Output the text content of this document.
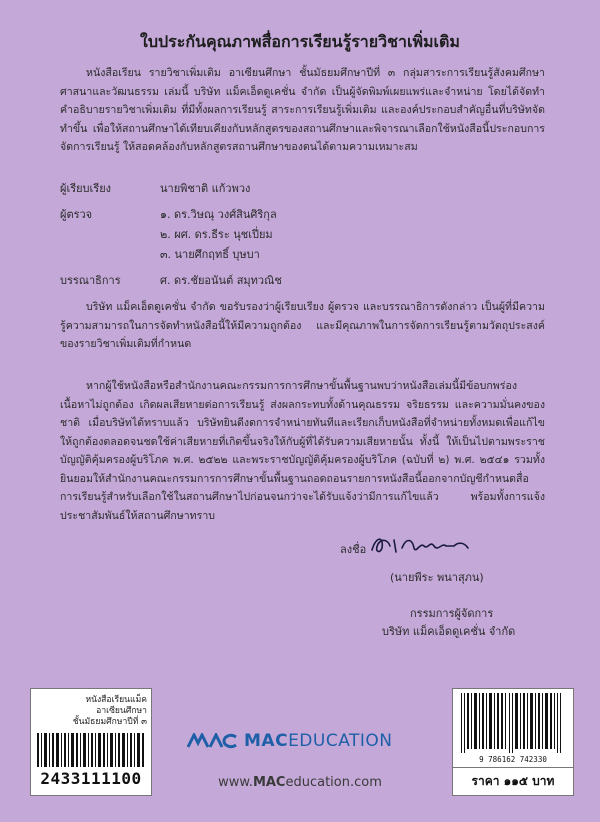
ใบประกันคุณภาพสื่อการเรียนรู้รายวิชาเพิ่มเติม

หนังสือเรียน รายวิชาเพิ่มเติม อาเซียนศึกษา ชั้นมัธยมศึกษาปีที่ ๓ กลุ่มสาระการเรียนรู้สังคมศึกษา ศาสนาและวัฒนธรรม เล่มนี้ บริษัท แม็คเอ็ดดูเคชั่น จำกัด เป็นผู้จัดพิมพ์เผยแพร่และจำหน่าย โดยได้จัดทำคำอธิบายรายวิชาเพิ่มเติม ที่มีทั้งผลการเรียนรู้ สาระการเรียนรู้เพิ่มเติม และองค์ประกอบสำคัญอื่นที่บริษัทจัดทำขึ้น เพื่อให้สถานศึกษาได้เทียบเคียงกับหลักสูตรของสถานศึกษาและพิจารณาเลือกใช้หนังสือนี้ประกอบการจัดการเรียนรู้ ให้สอดคล้องกับหลักสูตรสถานศึกษาของตนได้ตามความเหมาะสม

ผู้เรียบเรียง	นายพิชาติ แก้วพวง
ผู้ตรวจ	๑. ดร.วิษณุ วงศ์สินศิริกุล
๒. ผศ. ดร.ธีระ นุชเปี่ยม
๓. นายศึกฤทธิ์ บุษบา
บรรณาธิการ	ศ. ดร.ชัยอนันต์ สมุทวณิช

บริษัท แม็คเอ็ดดูเคชั่น จำกัด ขอรับรองว่าผู้เรียบเรียง ผู้ตรวจ และบรรณาธิการดังกล่าว เป็นผู้ที่มีความรู้ความสามารถในการจัดทำหนังสือนี้ให้มีความถูกต้อง และมีคุณภาพในการจัดการเรียนรู้ตามวัตถุประสงค์ของรายวิชาเพิ่มเติมที่กำหนด

หากผู้ใช้หนังสือหรือสำนักงานคณะกรรมการการศึกษาขั้นพื้นฐานพบว่าหนังสือเล่มนี้มีข้อบกพร่อง เนื้อหาไม่ถูกต้อง เกิดผลเสียหายต่อการเรียนรู้ ส่งผลกระทบทั้งด้านคุณธรรม จริยธรรม และความมั่นคงของชาติ เมื่อบริษัทได้ทราบแล้ว บริษัทยินดีงดการจำหน่ายทันทีและเรียกเก็บหนังสือที่จำหน่ายทั้งหมดเพื่อแก้ไขให้ถูกต้องตลอดจนชดใช้ค่าเสียหายที่เกิดขึ้นจริงให้กับผู้ที่ได้รับความเสียหายนั้น ทั้งนี้ ให้เป็นไปตามพระราชบัญญัติคุ้มครองผู้บริโภค พ.ศ. ๒๕๒๒ และพระราชบัญญัติคุ้มครองผู้บริโภค (ฉบับที่ ๒) พ.ศ. ๒๕๔๑ รวมทั้งยินยอมให้สำนักงานคณะกรรมการการศึกษาขั้นพื้นฐานถอดถอนรายการหนังสือนี้ออกจากบัญชีกำหนดสื่อการเรียนรู้สำหรับเลือกใช้ในสถานศึกษาไปก่อนจนกว่าจะได้รับแจ้งว่ามีการแก้ไขแล้ว พร้อมทั้งการแจ้งประชาสัมพันธ์ให้สถานศึกษาทราบ

ลงชื่อ
(นายพีระ พนาสุภน)
กรรมการผู้จัดการ
บริษัท แม็คเอ็ดดูเคชั่น จำกัด
หนังสือเรียนแม็ค
อาเซียนศึกษา
ชั้นมัธยมศึกษาปีที่ ๓
2433111100
MACEDUCATION
www.MACeducation.com
9 786162 742330
ราคา ๑๑๕ บาท
